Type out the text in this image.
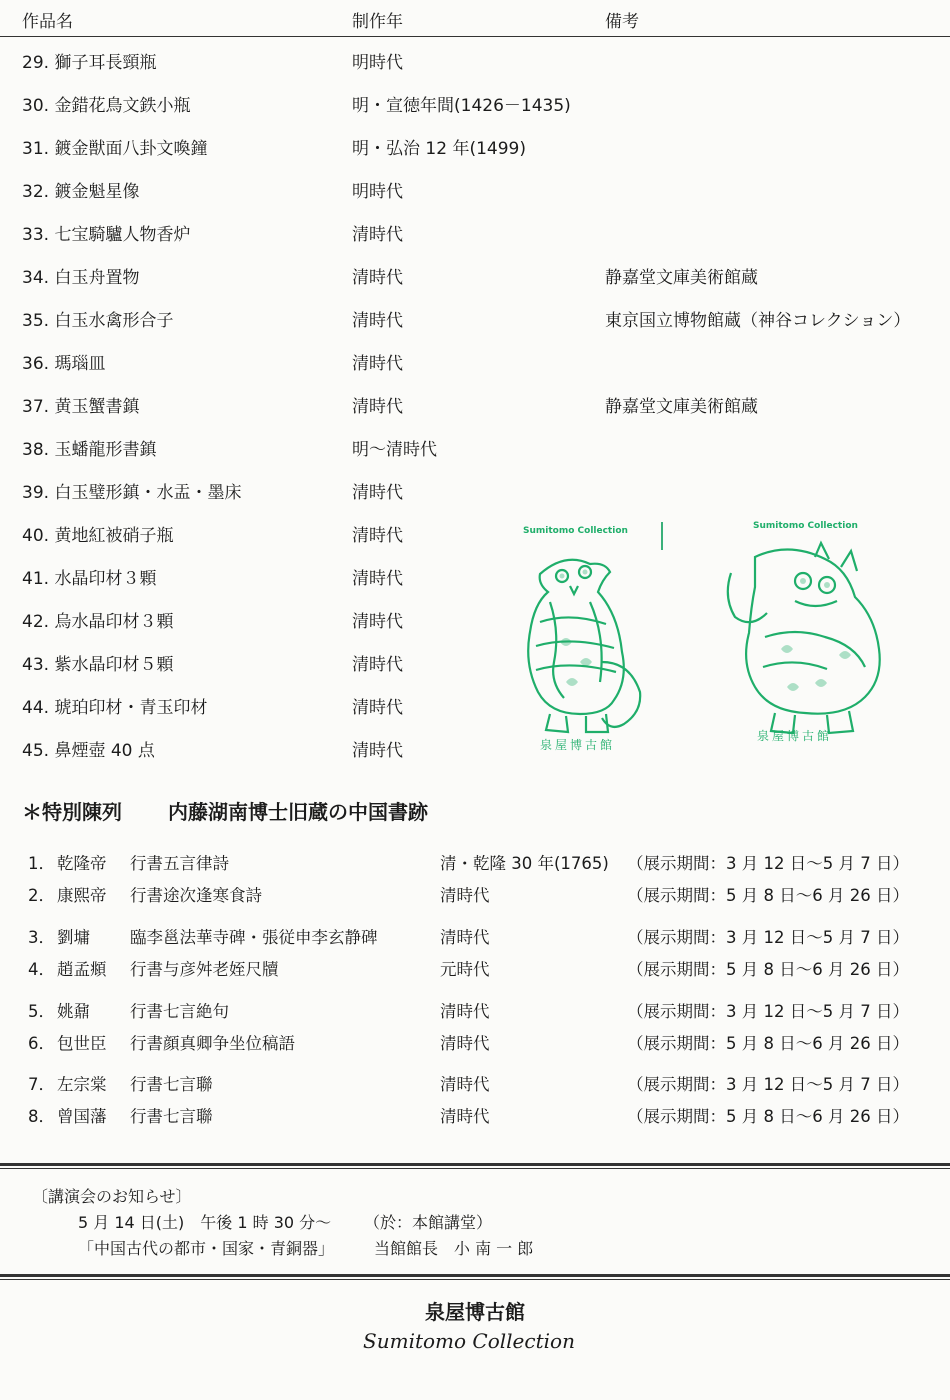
作品名	制作年	備考
29. 獅子耳長頸瓶	明時代
30. 金錯花鳥文鉄小瓶	明・宣徳年間(1426－1435)
31. 鍍金獣面八卦文喚鐘	明・弘治 12 年(1499)
32. 鍍金魁星像	明時代
33. 七宝騎驢人物香炉	清時代
34. 白玉舟置物	清時代	静嘉堂文庫美術館蔵
35. 白玉水禽形合子	清時代	東京国立博物館蔵（神谷コレクション）
36. 瑪瑙皿	清時代
37. 黄玉蟹書鎮	清時代	静嘉堂文庫美術館蔵
38. 玉蟠龍形書鎮	明～清時代
39. 白玉璧形鎮・水盂・墨床	清時代
40. 黄地紅被硝子瓶	清時代
41. 水晶印材３顆	清時代
42. 烏水晶印材３顆	清時代
43. 紫水晶印材５顆	清時代
44. 琥珀印材・青玉印材	清時代
45. 鼻煙壺 40 点	清時代
Sumitomo Collection
泉屋博古館
Sumitomo Collection
泉屋博古館
＊特別陳列 内藤湖南博士旧蔵の中国書跡
1． 乾隆帝 行書五言律詩	清・乾隆 30 年(1765) （展示期間：3 月 12 日～5 月 7 日）
2． 康熙帝 行書途次逢寒食詩	清時代	（展示期間：5 月 8 日～6 月 26 日）
3． 劉墉 臨李邕法華寺碑・張従申李玄静碑	清時代	（展示期間：3 月 12 日～5 月 7 日）
4． 趙孟頫 行書与彦舛老姪尺牘	元時代	（展示期間：5 月 8 日～6 月 26 日）
5． 姚鼐 行書七言絶句	清時代	（展示期間：3 月 12 日～5 月 7 日）
6． 包世臣 行書顔真卿争坐位稿語	清時代	（展示期間：5 月 8 日～6 月 26 日）
7． 左宗棠 行書七言聯	清時代	（展示期間：3 月 12 日～5 月 7 日）
8． 曾国藩 行書七言聯	清時代	（展示期間：5 月 8 日～6 月 26 日）
〔講演会のお知らせ〕
5 月 14 日(土)　午後 1 時 30 分～ （於：本館講堂）
「中国古代の都市・国家・青銅器」 当館館長　小 南 一 郎
泉屋博古館
Sumitomo Collection
